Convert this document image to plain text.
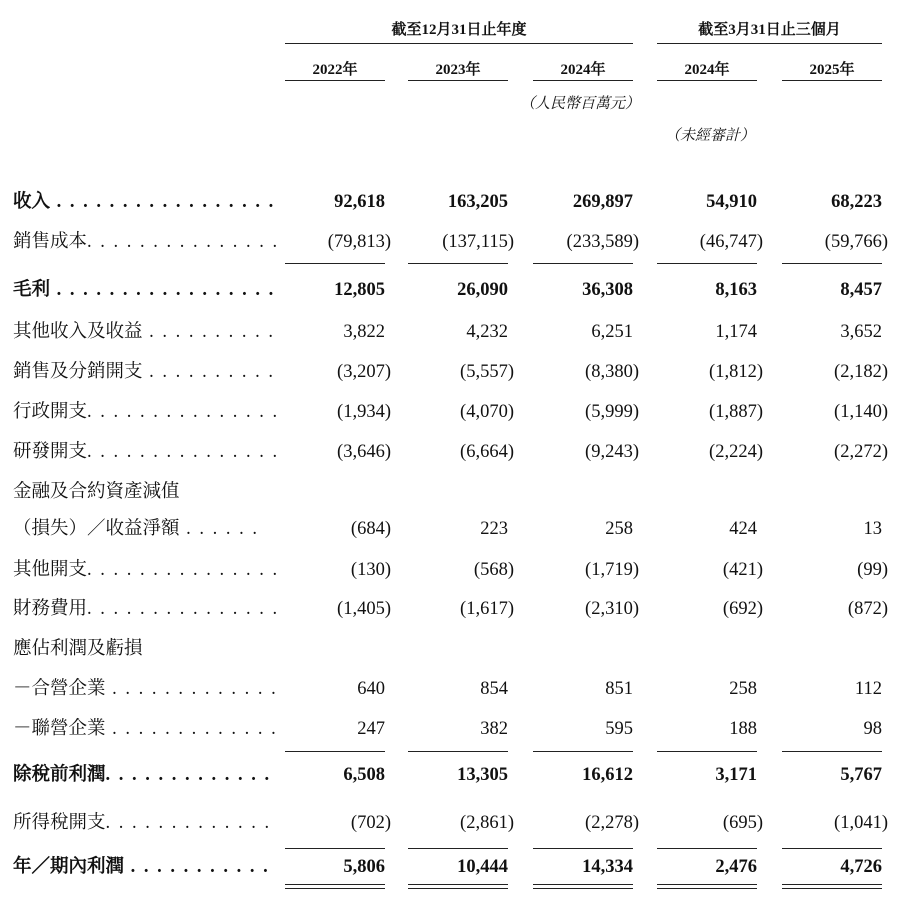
截至12月31日止年度	截至3月31日止三個月
2022年	2023年	2024年	2024年	2025年
（人民幣百萬元）
（未經審計）
收入 . . . . . . . . . . . . . . . . .	92,618	163,205	269,897	54,910	68,223
銷售成本. . . . . . . . . . . . . . .	(79,813)	(137,115)	(233,589)	(46,747)	(59,766)
毛利 . . . . . . . . . . . . . . . . .	12,805	26,090	36,308	8,163	8,457
其他收入及收益 . . . . . . . . . .	3,822	4,232	6,251	1,174	3,652
銷售及分銷開支 . . . . . . . . . .	(3,207)	(5,557)	(8,380)	(1,812)	(2,182)
行政開支. . . . . . . . . . . . . . .	(1,934)	(4,070)	(5,999)	(1,887)	(1,140)
研發開支. . . . . . . . . . . . . . .	(3,646)	(6,664)	(9,243)	(2,224)	(2,272)
金融及合約資產減值
（損失）／收益淨額 . . . . . .	(684)	223	258	424	13
其他開支. . . . . . . . . . . . . . .	(130)	(568)	(1,719)	(421)	(99)
財務費用. . . . . . . . . . . . . . .	(1,405)	(1,617)	(2,310)	(692)	(872)
應佔利潤及虧損
－合營企業 . . . . . . . . . . . . .	640	854	851	258	112
－聯營企業 . . . . . . . . . . . . .	247	382	595	188	98
除稅前利潤. . . . . . . . . . . . .	6,508	13,305	16,612	3,171	5,767
所得稅開支. . . . . . . . . . . . .	(702)	(2,861)	(2,278)	(695)	(1,041)
年／期內利潤 . . . . . . . . . . .	5,806	10,444	14,334	2,476	4,726
